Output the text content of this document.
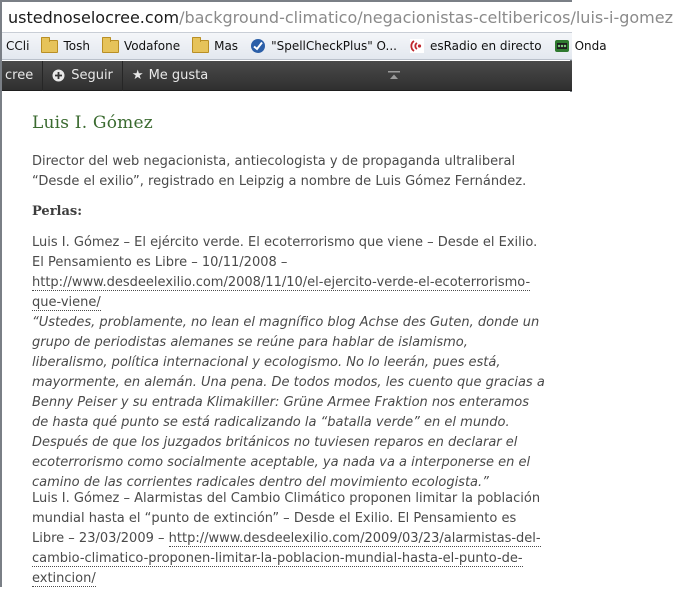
ustednoselocree.com/background-climatico/negacionistas-celtibericos/luis-i-gomez
CCli	Tosh	Vodafone	Mas	"SpellCheckPlus" O...	esRadio en directo	Onda
cree	Seguir ★ Me gusta
Luis I. Gómez

Director del web negacionista, antiecologista y de propaganda ultraliberal “Desde el exilio”, registrado en Leipzig a nombre de Luis Gómez Fernández.

Perlas:

Luis I. Gómez – El ejército verde. El ecoterrorismo que viene – Desde el Exilio. El Pensamiento es Libre – 10/11/2008 – http://www.desdeelexilio.com/2008/11/10/el-ejercito-verde-el-ecoterrorismo-que-viene/
“Ustedes, problamente, no lean el magnífico blog Achse des Guten, donde un grupo de periodistas alemanes se reúne para hablar de islamismo, liberalismo, política internacional y ecologismo. No lo leerán, pues está, mayormente, en alemán. Una pena. De todos modos, les cuento que gracias a Benny Peiser y su entrada Klimakiller: Grüne Armee Fraktion nos enteramos de hasta qué punto se está radicalizando la “batalla verde” en el mundo. Después de que los juzgados británicos no tuviesen reparos en declarar el ecoterrorismo como socialmente aceptable, ya nada va a interponerse en el camino de las corrientes radicales dentro del movimiento ecologista.”
Luis I. Gómez – Alarmistas del Cambio Climático proponen limitar la población mundial hasta el “punto de extinción” – Desde el Exilio. El Pensamiento es Libre – 23/03/2009 – http://www.desdeelexilio.com/2009/03/23/alarmistas-del-cambio-climatico-proponen-limitar-la-poblacion-mundial-hasta-el-punto-de-extincion/
